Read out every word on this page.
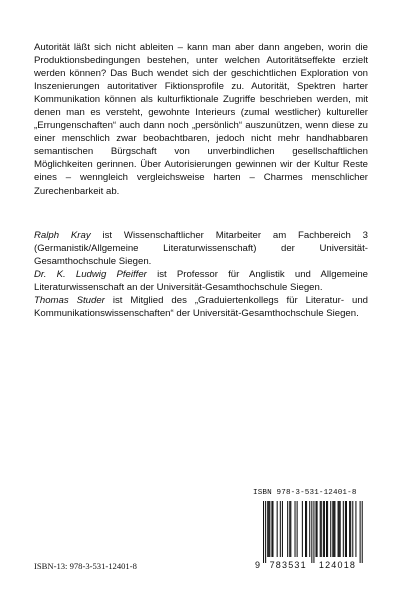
Autorität läßt sich nicht ableiten – kann man aber dann angeben, worin die Produktionsbedingungen bestehen, unter welchen Autoritätseffekte erzielt werden können? Das Buch wendet sich der geschichtlichen Exploration von Inszenierungen autoritativer Fiktionsprofile zu. Autorität, Spektren harter Kommunikation können als kulturfiktionale Zugriffe beschrieben werden, mit denen man es versteht, gewohnte Interieurs (zumal westlicher) kultureller „Errungenschaften“ auch dann noch „persönlich“ auszunützen, wenn diese zu einer menschlich zwar beobachtbaren, jedoch nicht mehr handhabbaren semantischen Bürgschaft von unverbindlichen gesellschaftlichen Möglichkeiten gerinnen. Über Autorisierungen gewinnen wir der Kultur Reste eines – wenngleich vergleichsweise harten – Charmes menschlicher Zurechenbarkeit ab.

Ralph Kray ist Wissenschaftlicher Mitarbeiter am Fachbereich 3 (Germanistik/Allgemeine Literaturwissenschaft) der Universität-Gesamthochschule Siegen.

Dr. K. Ludwig Pfeiffer ist Professor für Anglistik und Allgemeine Literaturwissenschaft an der Universität-Gesamthochschule Siegen.

Thomas Studer ist Mitglied des „Graduiertenkollegs für Literatur- und Kommunikationswissenschaften“ der Universität-Gesamthochschule Siegen.

ISBN 978-3-531-12401-8
9 783531 124018
ISBN-13: 978-3-531-12401-8
